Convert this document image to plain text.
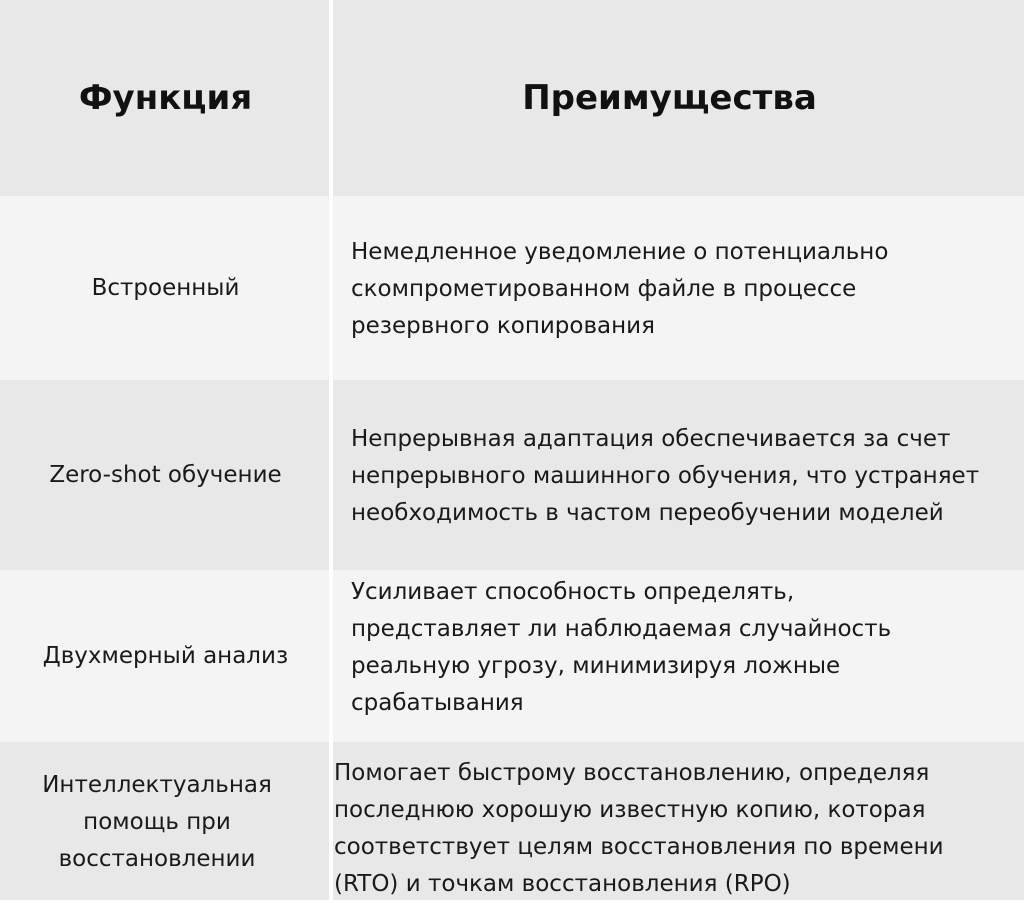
Функция	Преимущества
Встроенный
Немедленное уведомление о потенциально скомпрометированном файле в процессе резервного копирования
Zero-shot обучение
Непрерывная адаптация обеспечивается за счет непрерывного машинного обучения, что устраняет необходимость в частом переобучении моделей
Двухмерный анализ
Усиливает способность определять, представляет ли наблюдаемая случайность реальную угрозу, минимизируя ложные срабатывания
Интеллектуальная помощь при восстановлении
Помогает быстрому восстановлению, определяя последнюю хорошую известную копию, которая соответствует целям восстановления по времени (RTO) и точкам восстановления (RPO)
